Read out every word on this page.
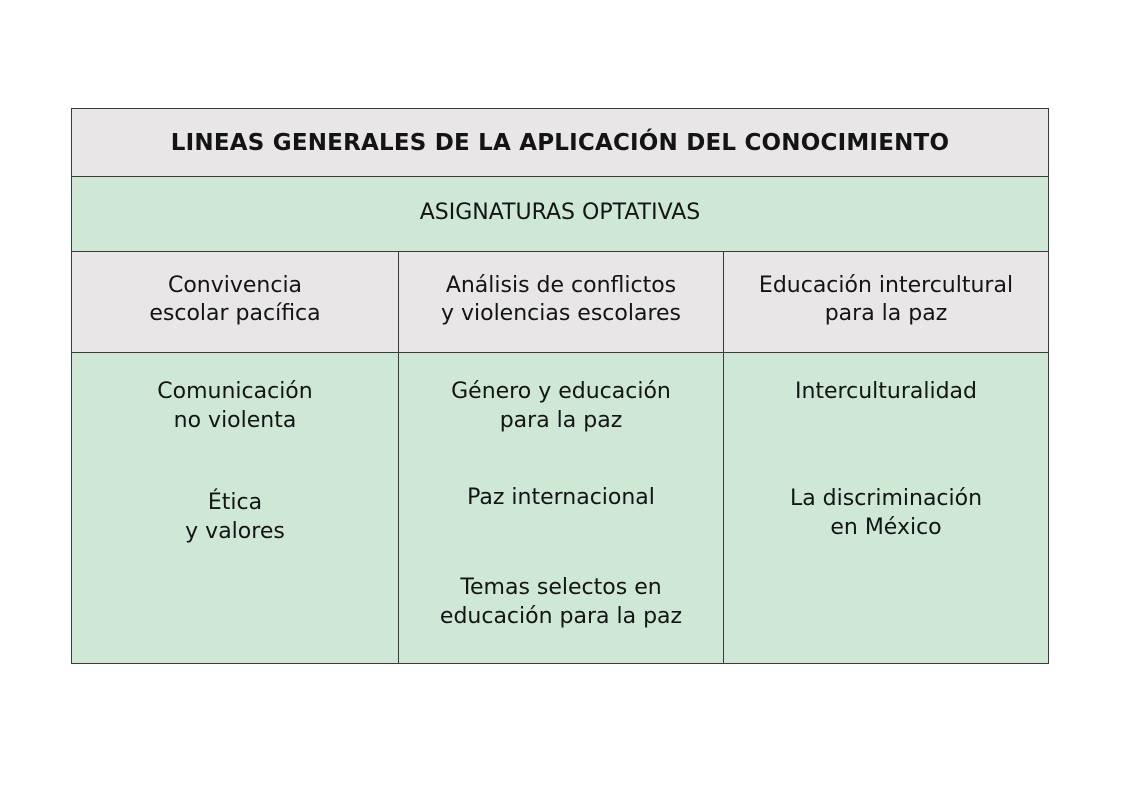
LINEAS GENERALES DE LA APLICACIÓN DEL CONOCIMIENTO
ASIGNATURAS OPTATIVAS
Convivencia
escolar pacífica
Análisis de conflictos
y violencias escolares
Educación intercultural
para la paz
Comunicación
no violenta
Ética
y valores
Género y educación
para la paz
Paz internacional
Temas selectos en
educación para la paz
Interculturalidad
La discriminación
en México
